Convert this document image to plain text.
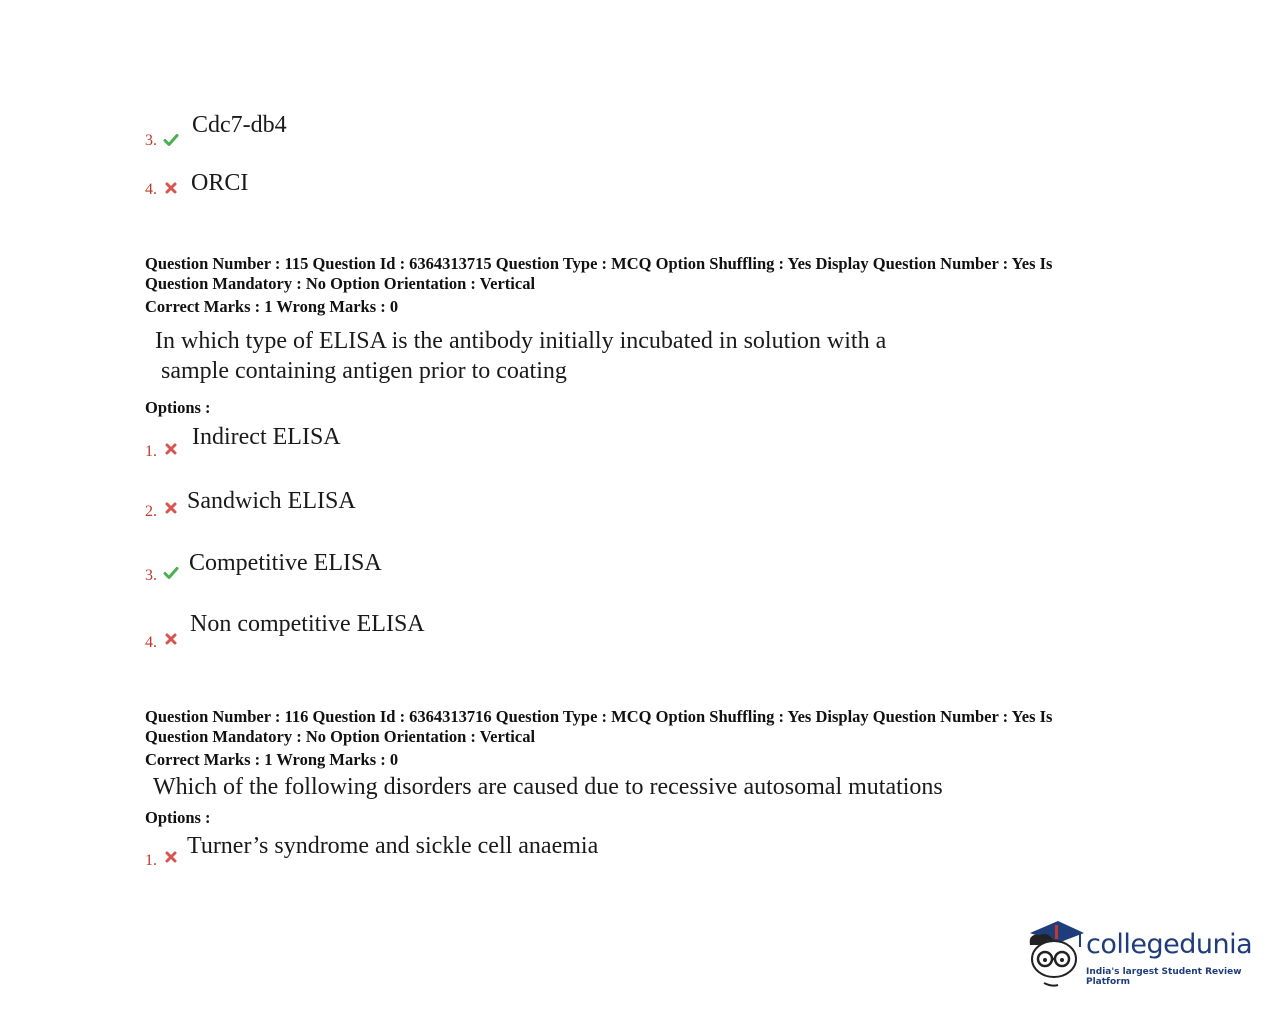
3.
Cdc7-db4
4. ORCI
Question Number : 115 Question Id : 6364313715 Question Type : MCQ Option Shuffling : Yes Display Question Number : Yes Is
Question Mandatory : No Option Orientation : Vertical
Correct Marks : 1 Wrong Marks : 0
In which type of ELISA is the antibody initially incubated in solution with a
sample containing antigen prior to coating
Options :
1.
Indirect ELISA
2. Sandwich ELISA
3. Competitive ELISA
4.
Non competitive ELISA
Question Number : 116 Question Id : 6364313716 Question Type : MCQ Option Shuffling : Yes Display Question Number : Yes Is
Question Mandatory : No Option Orientation : Vertical
Correct Marks : 1 Wrong Marks : 0
Which of the following disorders are caused due to recessive autosomal mutations
Options :
1.
Turner’s syndrome and sickle cell anaemia
collegedunia
India's largest Student Review Platform
